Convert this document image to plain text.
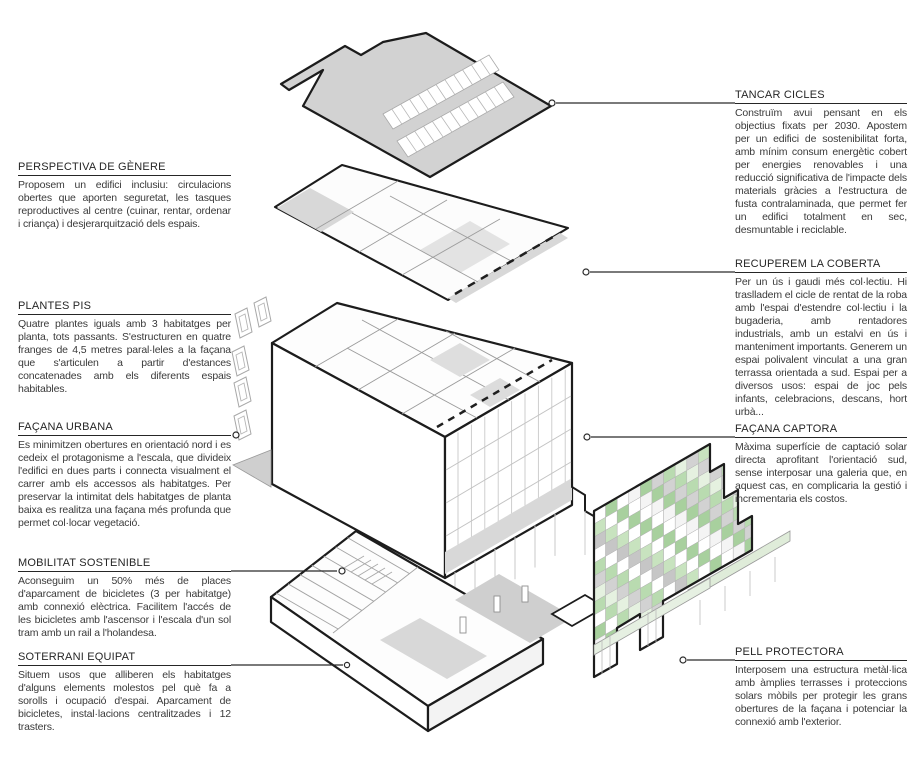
PERSPECTIVA DE GÈNERE

Proposem un edifici inclusiu: circulacions obertes que aporten seguretat, les tasques reproductives al centre (cuinar, rentar, ordenar i criança) i desjerarquització dels espais.

PLANTES PIS

Quatre plantes iguals amb 3 habitatges per planta, tots passants. S'estructuren en quatre franges de 4,5 metres paral·leles a la façana que s'articulen a partir d'estances concatenades amb els diferents espais habitables.

FAÇANA URBANA

Es minimitzen obertures en orientació nord i es cedeix el protagonisme a l'escala, que divideix l'edifici en dues parts i connecta visualment el carrer amb els accessos als habitatges. Per preservar la intimitat dels habitatges de planta baixa es realitza una façana més profunda que permet col·locar vegetació.

MOBILITAT SOSTENIBLE

Aconseguim un 50% més de places d'aparcament de bicicletes (3 per habitatge) amb connexió elèctrica. Facilitem l'accés de les bicicletes amb l'ascensor i l'escala d'un sol tram amb un rail a l'holandesa.

SOTERRANI EQUIPAT

Situem usos que alliberen els habitatges d'alguns elements molestos pel què fa a sorolls i ocupació d'espai. Aparcament de bicicletes, instal·lacions centralitzades i 12 trasters.

TANCAR CICLES

Construïm avui pensant en els objectius fixats per 2030. Apostem per un edifici de sostenibilitat forta, amb mínim consum energètic cobert per energies renovables i una reducció significativa de l'impacte dels materials gràcies a l'estructura de fusta contralaminada, que permet fer un edifici totalment en sec, desmuntable i reciclable.

RECUPEREM LA COBERTA

Per un ús i gaudi més col·lectiu. Hi traslladem el cicle de rentat de la roba amb l'espai d'estendre col·lectiu i la bugaderia, amb rentadores industrials, amb un estalvi en ús i manteniment importants. Generem un espai polivalent vinculat a una gran terrassa orientada a sud. Espai per a diversos usos: espai de joc pels infants, celebracions, descans, hort urbà...

FAÇANA CAPTORA

Màxima superfície de captació solar directa aprofitant l'orientació sud, sense interposar una galeria que, en aquest cas, en complicaria la gestió i incrementaria els costos.

PELL PROTECTORA

Interposem una estructura metàl·lica amb àmplies terrasses i proteccions solars mòbils per protegir les grans obertures de la façana i potenciar la connexió amb l'exterior.
